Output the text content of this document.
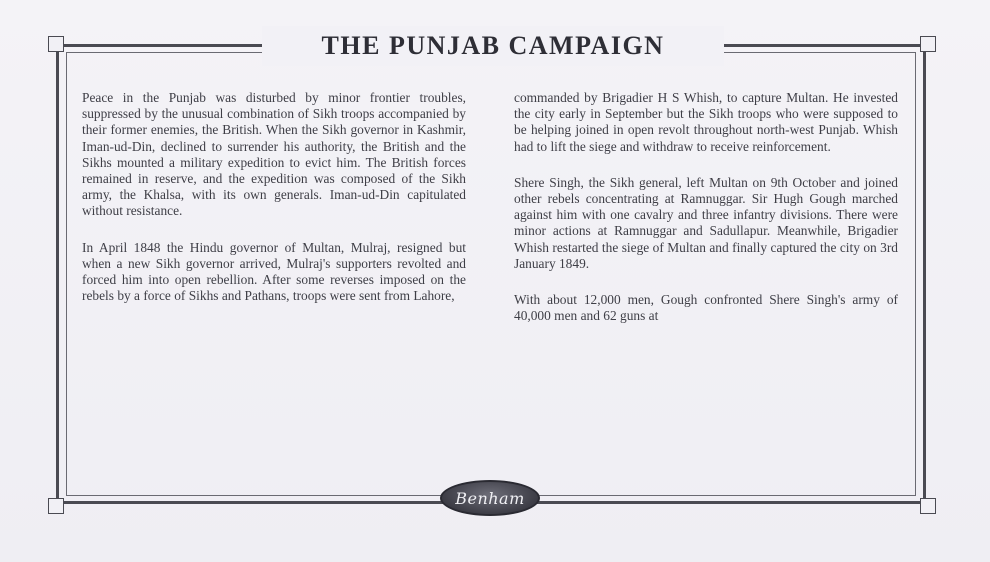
THE PUNJAB CAMPAIGN

Peace in the Punjab was disturbed by minor frontier troubles, suppressed by the unusual combination of Sikh troops accompanied by their former enemies, the British. When the Sikh governor in Kashmir, Iman-ud-Din, declined to surrender his authority, the British and the Sikhs mounted a military expedition to evict him. The British forces remained in reserve, and the expedition was composed of the Sikh army, the Khalsa, with its own generals. Iman-ud-Din capitulated without resistance.

In April 1848 the Hindu governor of Multan, Mulraj, resigned but when a new Sikh governor arrived, Mulraj's supporters revolted and forced him into open rebellion. After some reverses imposed on the rebels by a force of Sikhs and Pathans, troops were sent from Lahore,

commanded by Brigadier H S Whish, to capture Multan. He invested the city early in September but the Sikh troops who were supposed to be helping joined in open revolt throughout north-west Punjab. Whish had to lift the siege and withdraw to receive reinforcement.

Shere Singh, the Sikh general, left Multan on 9th October and joined other rebels concentrating at Ramnuggar. Sir Hugh Gough marched against him with one cavalry and three infantry divisions. There were minor actions at Ramnuggar and Sadullapur. Meanwhile, Brigadier Whish restarted the siege of Multan and finally captured the city on 3rd January 1849.

With about 12,000 men, Gough confronted Shere Singh's army of 40,000 men and 62 guns at

Benham
